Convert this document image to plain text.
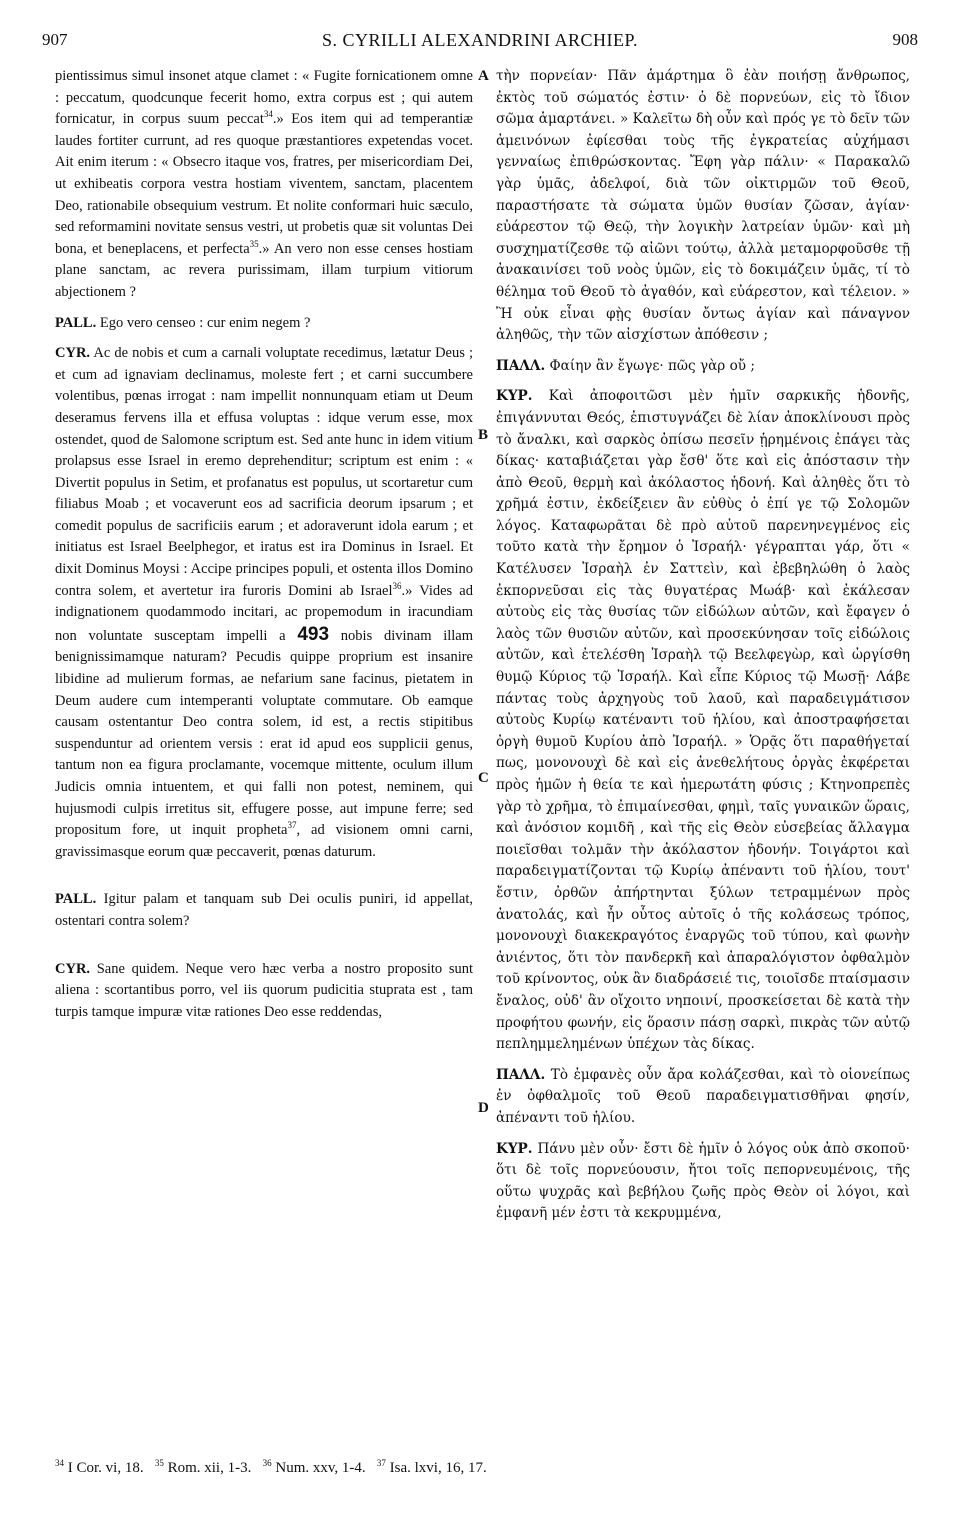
907	S. CYRILLI ALEXANDRINI ARCHIEP.	908
A
B
C
D

pientissimus simul insonet atque clamet : « Fugite fornicationem omne : peccatum, quodcunque fecerit homo, extra corpus est ; qui autem fornicatur, in corpus suum peccat$^{34}$.» Eos item qui ad temperantiæ laudes fortiter currunt, ad res quoque præstantiores expetendas vocet. Ait enim iterum : « Obsecro itaque vos, fratres, per misericordiam Dei, ut exhibeatis corpora vestra hostiam viventem, sanctam, placentem Deo, rationabile obsequium vestrum. Et nolite conformari huic sæculo, sed reformamini novitate sensus vestri, ut probetis quæ sit voluntas Dei bona, et beneplacens, et perfecta$^{35}$.» An vero non esse censes hostiam plane sanctam, ac revera purissimam, illam turpium vitiorum abjectionem ?

PALL. Ego vero censeo : cur enim negem ?

CYR. Ac de nobis et cum a carnali voluptate recedimus, lætatur Deus ; et cum ad ignaviam declinamus, moleste fert ; et carni succumbere volentibus, pœnas irrogat : nam impellit nonnunquam etiam ut Deum deseramus fervens illa et effusa voluptas : idque verum esse, mox ostendet, quod de Salomone scriptum est. Sed ante hunc in idem vitium prolapsus esse Israel in eremo deprehenditur; scriptum est enim : « Divertit populus in Setim, et profanatus est populus, ut scortaretur cum filiabus Moab ; et vocaverunt eos ad sacrificia deorum ipsarum ; et comedit populus de sacrificiis earum ; et adoraverunt idola earum ; et initiatus est Israel Beelphegor, et iratus est ira Dominus in Israel. Et dixit Dominus Moysi : Accipe principes populi, et ostenta illos Domino contra solem, et avertetur ira furoris Domini ab Israel$^{36}$.» Vides ad indignationem quodammodo incitari, ac propemodum in iracundiam non voluntate susceptam impelli a 493 nobis divinam illam benignissimamque naturam? Pecudis quippe proprium est insanire libidine ad mulierum formas, ae nefarium sane facinus, pietatem in Deum audere cum intemperanti voluptate commutare. Ob eamque causam ostentantur Deo contra solem, id est, a rectis stipitibus suspenduntur ad orientem versis : erat id apud eos supplicii genus, tantum non ea figura proclamante, vocemque mittente, oculum illum Judicis omnia intuentem, et qui falli non potest, neminem, qui hujusmodi culpis irretitus sit, effugere posse, aut impune ferre; sed propositum fore, ut inquit propheta$^{37}$, ad visionem omni carni, gravissimasque eorum quæ peccaverit, pœnas daturum.

PALL. Igitur palam et tanquam sub Dei oculis puniri, id appellat, ostentari contra solem?

CYR. Sane quidem. Neque vero hæc verba a nostro proposito sunt aliena : scortantibus porro, vel iis quorum pudicitia stuprata est , tam turpis tamque impuræ vitæ rationes Deo esse reddendas,

τὴν πορνείαν· Πᾶν ἁμάρτημα ὃ ἐὰν ποιήσῃ ἄνθρωπος, ἐκτὸς τοῦ σώματός ἐστιν· ὁ δὲ πορνεύων, εἰς τὸ ἴδιον σῶμα ἁμαρτάνει. » Καλεῖτω δὴ οὖν καὶ πρός γε τὸ δεῖν τῶν ἀμεινόνων ἐφίεσθαι τοὺς τῆς ἐγκρατείας αὐχήμασι γενναίως ἐπιθρώσκοντας. Ἔφη γὰρ πάλιν· « Παρακαλῶ γὰρ ὑμᾶς, ἀδελφοί, διὰ τῶν οἰκτιρμῶν τοῦ Θεοῦ, παραστήσατε τὰ σώματα ὑμῶν θυσίαν ζῶσαν, ἁγίαν· εὐάρεστον τῷ Θεῷ, τὴν λογικὴν λατρείαν ὑμῶν· καὶ μὴ συσχηματίζεσθε τῷ αἰῶνι τούτῳ, ἀλλὰ μεταμορφοῦσθε τῇ ἀνακαινίσει τοῦ νοὸς ὑμῶν, εἰς τὸ δοκιμάζειν ὑμᾶς, τί τὸ θέλημα τοῦ Θεοῦ τὸ ἀγαθόν, καὶ εὐάρεστον, καὶ τέλειον. » Ἢ οὐκ εἶναι φῂς θυσίαν ὄντως ἁγίαν καὶ πάναγνον ἀληθῶς, τὴν τῶν αἰσχίστων ἀπόθεσιν ;

ΠΑΛΛ. Φαίην ἂν ἔγωγε· πῶς γὰρ οὔ ;

ΚΥΡ. Καὶ ἀποφοιτῶσι μὲν ἡμῖν σαρκικῆς ἡδονῆς, ἐπιγάννυται Θεός, ἐπιστυγνάζει δὲ λίαν ἀποκλίνουσι πρὸς τὸ ἄναλκι, καὶ σαρκὸς ὀπίσω πεσεῖν ᾑρημένοις ἐπάγει τὰς δίκας· καταβιάζεται γὰρ ἔσθ' ὅτε καὶ εἰς ἀπόστασιν τὴν ἀπὸ Θεοῦ, θερμὴ καὶ ἀκόλαστος ἡδονή. Καὶ ἀληθὲς ὅτι τὸ χρῆμά ἐστιν, ἐκδείξειεν ἂν εὐθὺς ὁ ἐπί γε τῷ Σολομῶν λόγος. Καταφωρᾶται δὲ πρὸ αὐτοῦ παρενηνεγμένος εἰς τοῦτο κατὰ τὴν ἔρημον ὁ Ἰσραήλ· γέγραπται γάρ, ὅτι « Κατέλυσεν Ἰσραὴλ ἐν Σαττεὶν, καὶ ἐβεβηλώθη ὁ λαὸς ἐκπορνεῦσαι εἰς τὰς θυγατέρας Μωάβ· καὶ ἐκάλεσαν αὐτοὺς εἰς τὰς θυσίας τῶν εἰδώλων αὐτῶν, καὶ ἔφαγεν ὁ λαὸς τῶν θυσιῶν αὐτῶν, καὶ προσεκύνησαν τοῖς εἰδώλοις αὐτῶν, καὶ ἐτελέσθη Ἰσραὴλ τῷ Βεελφεγὼρ, καὶ ὠργίσθη θυμῷ Κύριος τῷ Ἰσραήλ. Καὶ εἶπε Κύριος τῷ Μωσῇ· Λάβε πάντας τοὺς ἀρχηγοὺς τοῦ λαοῦ, καὶ παραδειγμάτισον αὐτοὺς Κυρίῳ κατέναντι τοῦ ἡλίου, καὶ ἀποστραφήσεται ὀργὴ θυμοῦ Κυρίου ἀπὸ Ἰσραήλ. » Ὁρᾷς ὅτι παραθήγεταί πως, μονονουχὶ δὲ καὶ εἰς ἀνεθελήτους ὀργὰς ἐκφέρεται πρὸς ἡμῶν ἡ θεία τε καὶ ἡμερωτάτη φύσις ; Κτηνοπρεπὲς γὰρ τὸ χρῆμα, τὸ ἐπιμαίνεσθαι, φημὶ, ταῖς γυναικῶν ὥραις, καὶ ἀνόσιον κομιδῆ , καὶ τῆς εἰς Θεὸν εὐσεβείας ἄλλαγμα ποιεῖσθαι τολμᾶν τὴν ἀκόλαστον ἡδονήν. Τοιγάρτοι καὶ παραδειγματίζονται τῷ Κυρίῳ ἀπέναντι τοῦ ἡλίου, τουτ' ἔστιν, ὀρθῶν ἀπήρτηνται ξύλων τετραμμένων πρὸς ἀνατολάς, καὶ ἦν οὗτος αὐτοῖς ὁ τῆς κολάσεως τρόπος, μονονουχὶ διακεκραγότος ἐναργῶς τοῦ τύπου, καὶ φωνὴν ἀνιέντος, ὅτι τὸν πανδερκῆ καὶ ἀπαραλόγιστον ὀφθαλμὸν τοῦ κρίνοντος, οὐκ ἂν διαδράσειέ τις, τοιοῖσδε πταίσμασιν ἔναλος, οὐδ' ἂν οἴχοιτο νηποινί, προσκείσεται δὲ κατὰ τὴν προφήτου φωνήν, εἰς ὅρασιν πάσῃ σαρκὶ, πικρὰς τῶν αὐτῷ πεπλημμελημένων ὑπέχων τὰς δίκας.

ΠΑΛΛ. Τὸ ἐμφανὲς οὖν ἄρα κολάζεσθαι, καὶ τὸ οἱονείπως ἐν ὀφθαλμοῖς τοῦ Θεοῦ παραδειγματισθῆναι φησίν, ἀπέναντι τοῦ ἡλίου.

ΚΥΡ. Πάνυ μὲν οὖν· ἔστι δὲ ἡμῖν ὁ λόγος οὐκ ἀπὸ σκοποῦ· ὅτι δὲ τοῖς πορνεύουσιν, ἤτοι τοῖς πεπορνευμένοις, τῆς οὕτω ψυχρᾶς καὶ βεβήλου ζωῆς πρὸς Θεὸν οἱ λόγοι, καὶ ἐμφανῆ μέν ἐστι τὰ κεκρυμμένα,

$^{34}$ I Cor. vi, 18. $^{35}$ Rom. xii, 1-3. $^{36}$ Num. xxv, 1-4. $^{37}$ Isa. lxvi, 16, 17.
